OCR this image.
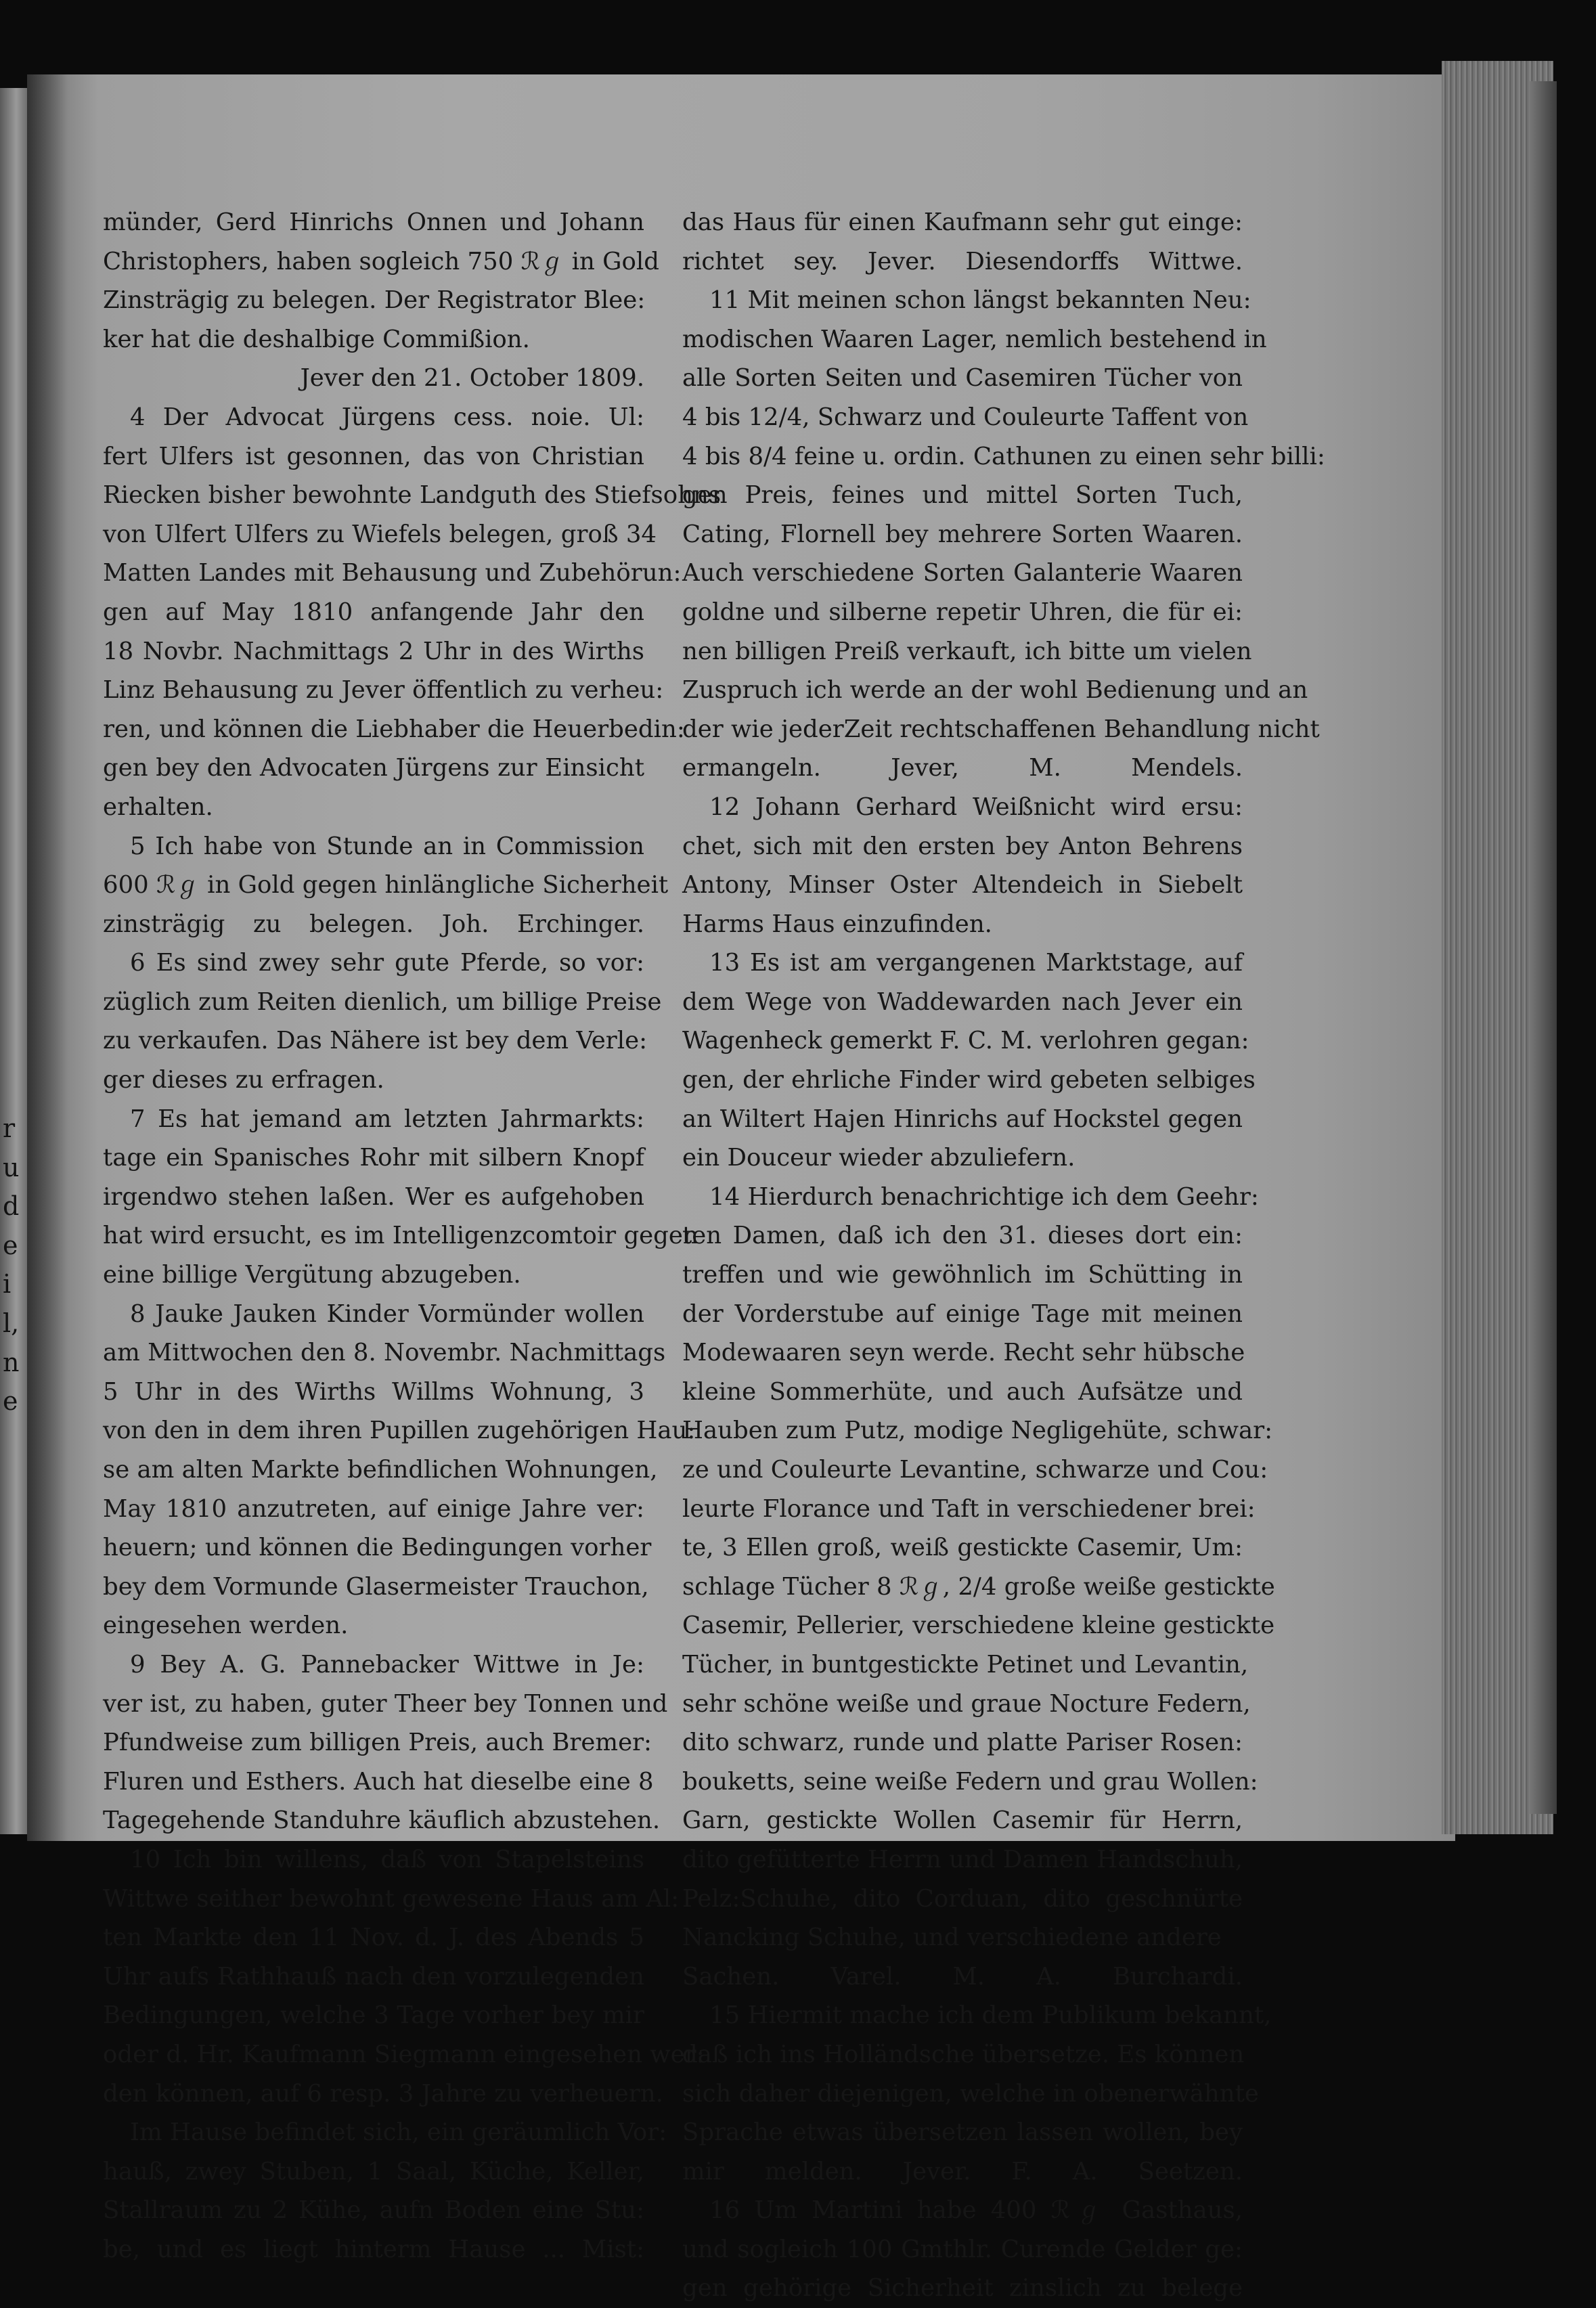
r
u
d
e
i
l,
n
e
münder, Gerd Hinrichs Onnen und Johann
Christophers, haben sogleich 750 ℛℊ in Gold
Zinsträgig zu belegen. Der Registrator Blee:
ker hat die deshalbige Commißion.
Jever den 21. October 1809.
4 Der Advocat Jürgens cess. noie. Ul:
fert Ulfers ist gesonnen, das von Christian
Riecken bisher bewohnte Landguth des Stiefsohns
von Ulfert Ulfers zu Wiefels belegen, groß 34
Matten Landes mit Behausung und Zubehörun:
gen auf May 1810 anfangende Jahr den
18 Novbr. Nachmittags 2 Uhr in des Wirths
Linz Behausung zu Jever öffentlich zu verheu:
ren, und können die Liebhaber die Heuerbedin:
gen bey den Advocaten Jürgens zur Einsicht
erhalten.
5 Ich habe von Stunde an in Commission
600 ℛℊ in Gold gegen hinlängliche Sicherheit
zinsträgig zu belegen. Joh. Erchinger.
6 Es sind zwey sehr gute Pferde, so vor:
züglich zum Reiten dienlich, um billige Preise
zu verkaufen. Das Nähere ist bey dem Verle:
ger dieses zu erfragen.
7 Es hat jemand am letzten Jahrmarkts:
tage ein Spanisches Rohr mit silbern Knopf
irgendwo stehen laßen. Wer es aufgehoben
hat wird ersucht, es im Intelligenzcomtoir gegen
eine billige Vergütung abzugeben.
8 Jauke Jauken Kinder Vormünder wollen
am Mittwochen den 8. Novembr. Nachmittags
5 Uhr in des Wirths Willms Wohnung, 3
von den in dem ihren Pupillen zugehörigen Hau:
se am alten Markte befindlichen Wohnungen,
May 1810 anzutreten, auf einige Jahre ver:
heuern; und können die Bedingungen vorher
bey dem Vormunde Glasermeister Trauchon,
eingesehen werden.
9 Bey A. G. Pannebacker Wittwe in Je:
ver ist, zu haben, guter Theer bey Tonnen und
Pfundweise zum billigen Preis, auch Bremer:
Fluren und Esthers. Auch hat dieselbe eine 8
Tagegehende Standuhre käuflich abzustehen.
10 Ich bin willens, daß von Stapelsteins
Wittwe seither bewohnt gewesene Haus am Al:
ten Markte den 11 Nov. d. J. des Abends 5
Uhr aufs Rathhauß nach den vorzulegenden
Bedingungen, welche 3 Tage vorher bey mir
oder d. Hr. Kaufmann Siegmann eingesehen wer:
den können, auf 6 resp. 3 Jahre zu verheuern.
Im Hause befindet sich, ein geräumlich Vor:
hauß, zwey Stuben, 1 Saal, Küche, Keller,
Stallraum zu 2 Kühe, aufn Boden eine Stu:
be, und es liegt hinterm Hause ... Mist:
das Haus für einen Kaufmann sehr gut einge:
richtet sey. Jever. Diesendorffs Wittwe.
11 Mit meinen schon längst bekannten Neu:
modischen Waaren Lager, nemlich bestehend in
alle Sorten Seiten und Casemiren Tücher von
4 bis 12/4, Schwarz und Couleurte Taffent von
4 bis 8/4 feine u. ordin. Cathunen zu einen sehr billi:
gen Preis, feines und mittel Sorten Tuch,
Cating, Flornell bey mehrere Sorten Waaren.
Auch verschiedene Sorten Galanterie Waaren
goldne und silberne repetir Uhren, die für ei:
nen billigen Preiß verkauft, ich bitte um vielen
Zuspruch ich werde an der wohl Bedienung und an
der wie jederZeit rechtschaffenen Behandlung nicht
ermangeln. Jever, M. Mendels.
12 Johann Gerhard Weißnicht wird ersu:
chet, sich mit den ersten bey Anton Behrens
Antony, Minser Oster Altendeich in Siebelt
Harms Haus einzufinden.
13 Es ist am vergangenen Marktstage, auf
dem Wege von Waddewarden nach Jever ein
Wagenheck gemerkt F. C. M. verlohren gegan:
gen, der ehrliche Finder wird gebeten selbiges
an Wiltert Hajen Hinrichs auf Hockstel gegen
ein Douceur wieder abzuliefern.
14 Hierdurch benachrichtige ich dem Geehr:
ten Damen, daß ich den 31. dieses dort ein:
treffen und wie gewöhnlich im Schütting in
der Vorderstube auf einige Tage mit meinen
Modewaaren seyn werde. Recht sehr hübsche
kleine Sommerhüte, und auch Aufsätze und
Hauben zum Putz, modige Negligehüte, schwar:
ze und Couleurte Levantine, schwarze und Cou:
leurte Florance und Taft in verschiedener brei:
te, 3 Ellen groß, weiß gestickte Casemir, Um:
schlage Tücher 8 ℛℊ, 2/4 große weiße gestickte
Casemir, Pellerier, verschiedene kleine gestickte
Tücher, in buntgestickte Petinet und Levantin,
sehr schöne weiße und graue Nocture Federn,
dito schwarz, runde und platte Pariser Rosen:
bouketts, seine weiße Federn und grau Wollen:
Garn, gestickte Wollen Casemir für Herrn,
dito gefütterte Herrn und Damen Handschuh,
Pelz:Schuhe, dito Corduan, dito geschnürte
Nancking Schuhe, und verschiedene andere
Sachen. Varel. M. A. Burchardi.
15 Hiermit mache ich dem Publikum bekannt,
daß ich ins Holländsche übersetze. Es können
sich daher diejenigen, welche in obenerwähnte
Sprache etwas übersetzen lassen wollen, bey
mir melden. Jever. F. A. Seetzen.
16 Um Martini habe 400 ℛℊ Gasthaus,
und sogleich 100 Gmthlr. Curende Gelder ge:
gen gehörige Sicherheit zinslich zu belege
